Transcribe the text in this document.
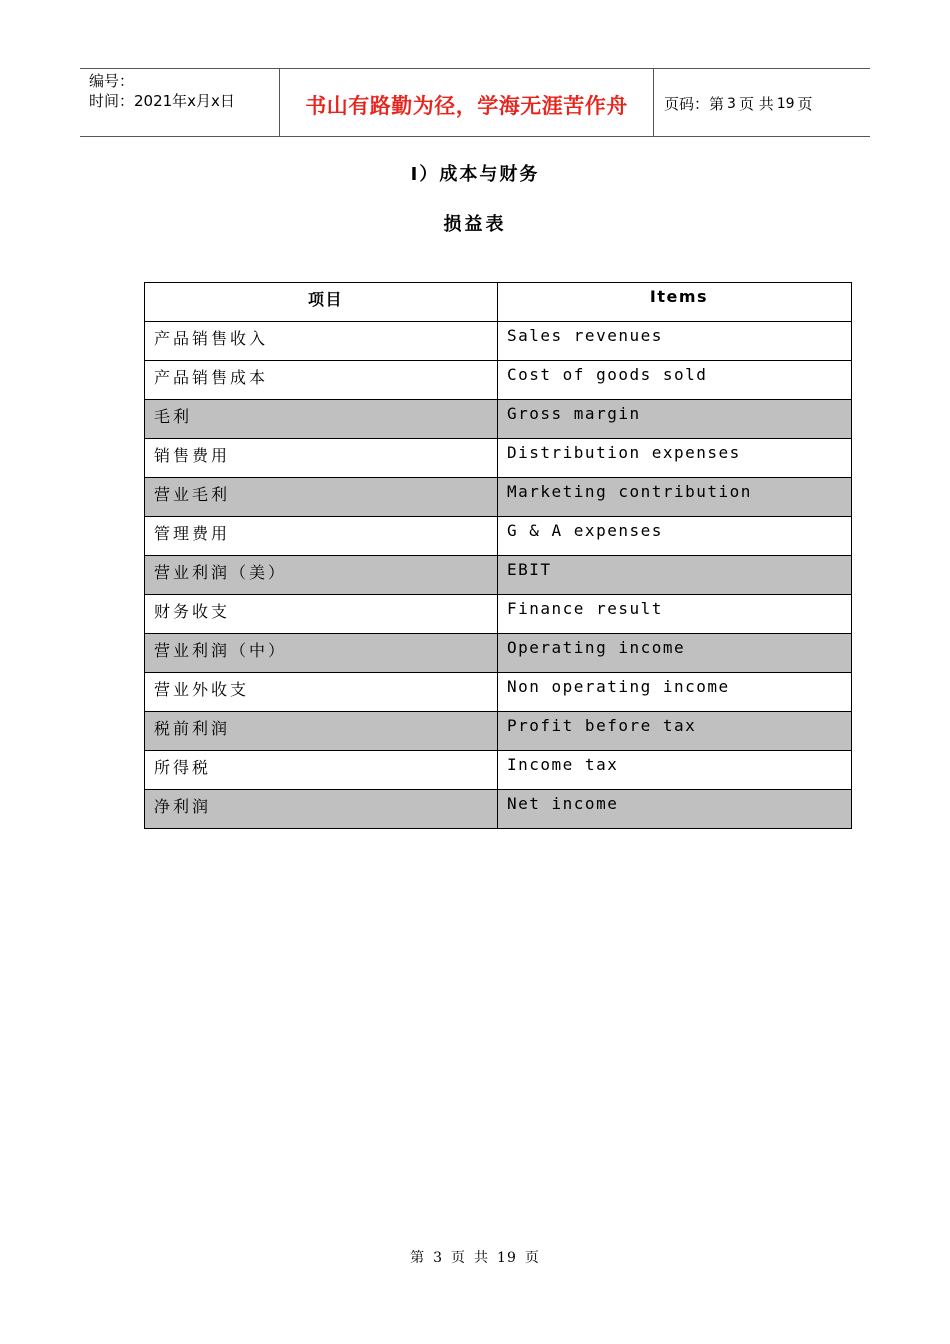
编号：
时间：2021年x月x日	书山有路勤为径，学海无涯苦作舟	页码：第 3 页 共 19 页
I）成本与财务
损益表
项目	Items
产品销售收入	Sales revenues
产品销售成本	Cost of goods sold
毛利	Gross margin
销售费用	Distribution expenses
营业毛利	Marketing contribution
管理费用	G & A expenses
营业利润（美）	EBIT
财务收支	Finance result
营业利润（中）	Operating income
营业外收支	Non operating income
税前利润	Profit before tax
所得税	Income tax
净利润	Net income
第 3 页 共 19 页
